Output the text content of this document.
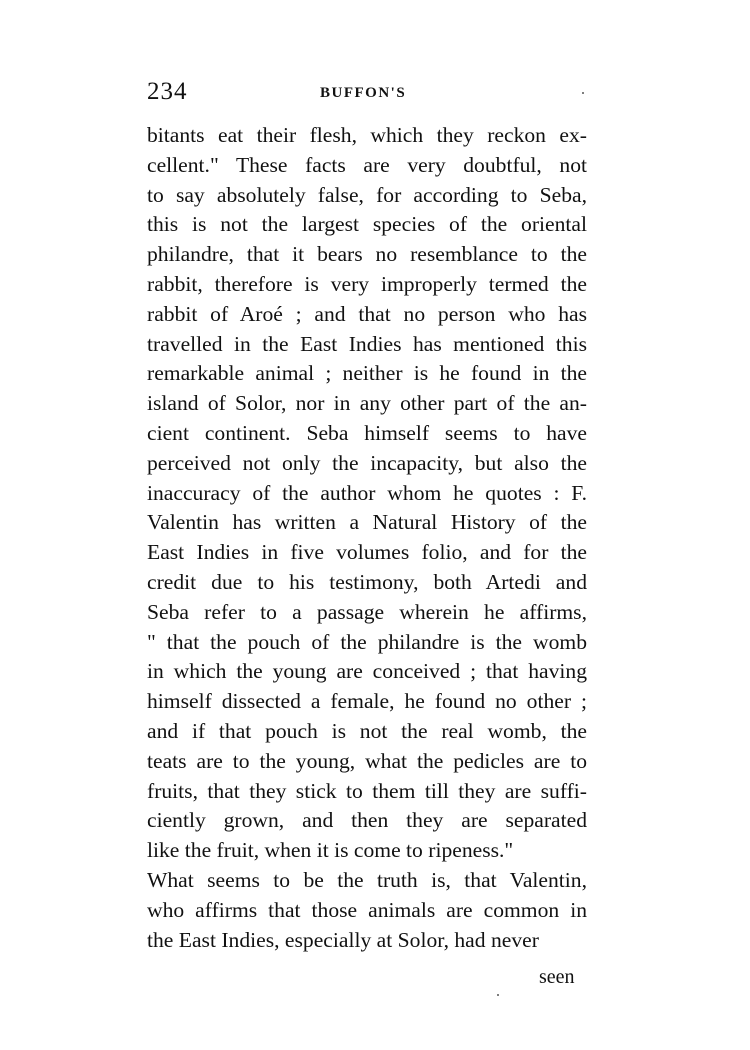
234	BUFFON'S
bitants eat their flesh, which they reckon ex-
cellent." These facts are very doubtful, not
to say absolutely false, for according to Seba,
this is not the largest species of the oriental
philandre, that it bears no resemblance to the
rabbit, therefore is very improperly termed the
rabbit of Aroé ; and that no person who has
travelled in the East Indies has mentioned this
remarkable animal ; neither is he found in the
island of Solor, nor in any other part of the an-
cient continent. Seba himself seems to have
perceived not only the incapacity, but also the
inaccuracy of the author whom he quotes : F.
Valentin has written a Natural History of the
East Indies in five volumes folio, and for the
credit due to his testimony, both Artedi and
Seba refer to a passage wherein he affirms,
" that the pouch of the philandre is the womb
in which the young are conceived ; that having
himself dissected a female, he found no other ;
and if that pouch is not the real womb, the
teats are to the young, what the pedicles are to
fruits, that they stick to them till they are suffi-
ciently grown, and then they are separated
like the fruit, when it is come to ripeness."
What seems to be the truth is, that Valentin,
who affirms that those animals are common in
the East Indies, especially at Solor, had never
seen
